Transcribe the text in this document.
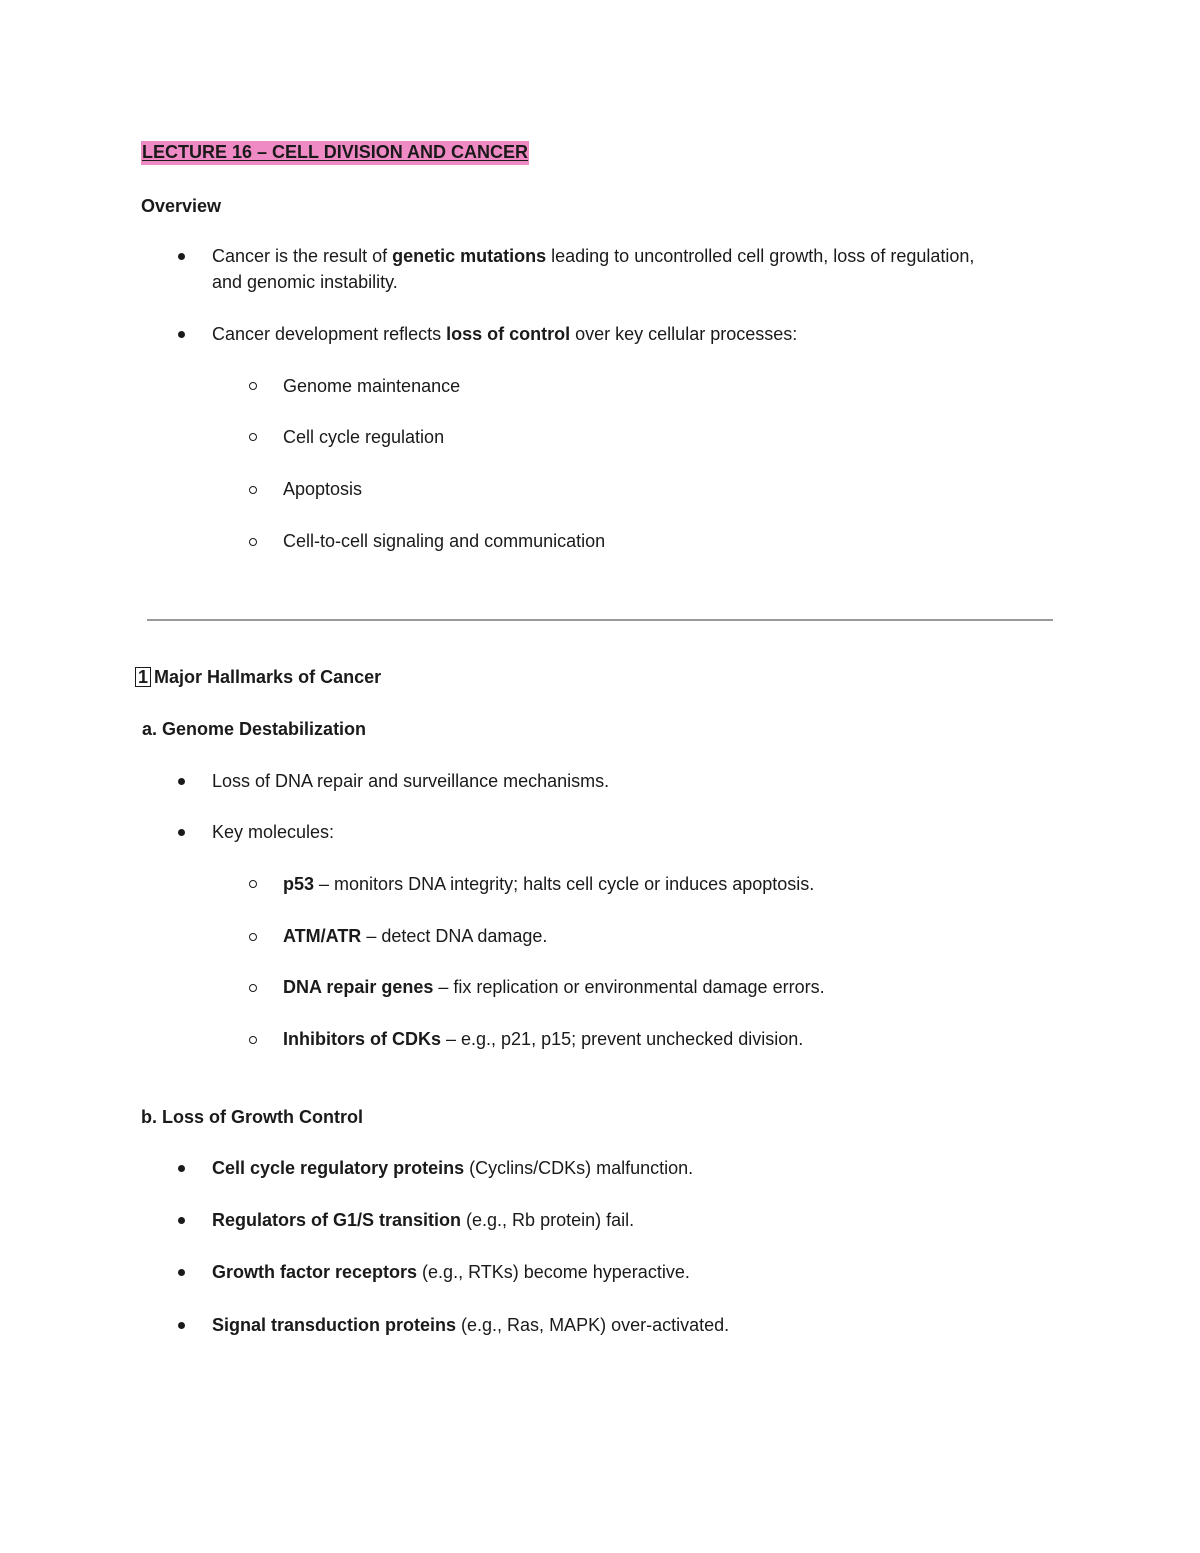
LECTURE 16 – CELL DIVISION AND CANCER
Overview
Cancer is the result of genetic mutations leading to uncontrolled cell growth, loss of regulation,
and genomic instability.
Cancer development reflects loss of control over key cellular processes:
Genome maintenance
Cell cycle regulation
Apoptosis
Cell-to-cell signaling and communication
1 Major Hallmarks of Cancer
a. Genome Destabilization
Loss of DNA repair and surveillance mechanisms.
Key molecules:
p53 – monitors DNA integrity; halts cell cycle or induces apoptosis.
ATM/ATR – detect DNA damage.
DNA repair genes – fix replication or environmental damage errors.
Inhibitors of CDKs – e.g., p21, p15; prevent unchecked division.
b. Loss of Growth Control
Cell cycle regulatory proteins (Cyclins/CDKs) malfunction.
Regulators of G1/S transition (e.g., Rb protein) fail.
Growth factor receptors (e.g., RTKs) become hyperactive.
Signal transduction proteins (e.g., Ras, MAPK) over-activated.
